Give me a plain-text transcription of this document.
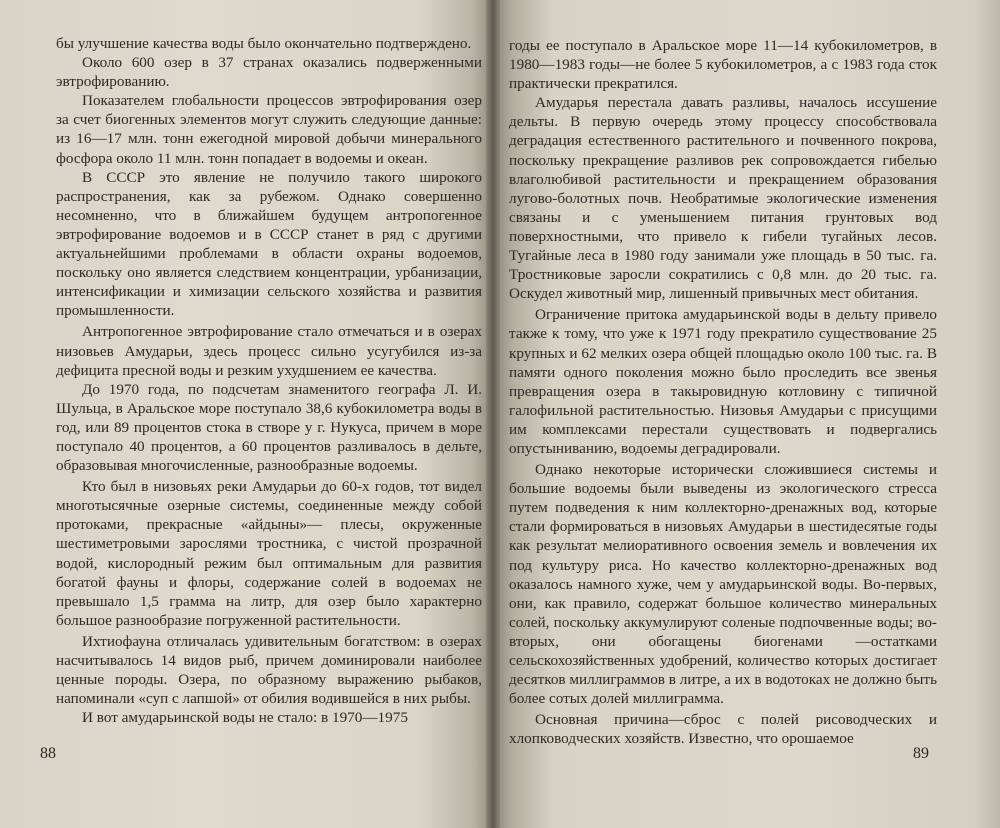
бы улучшение качества воды было окончательно подтверждено.

Около 600 озер в 37 странах оказались подверженными эвтрофированию.

Показателем глобальности процессов эвтрофирования озер за счет биогенных элементов могут служить следующие данные: из 16—17 млн. тонн ежегодной мировой добычи минерального фосфора около 11 млн. тонн попадает в водоемы и океан.

В СССР это явление не получило такого широкого распространения, как за рубежом. Однако совершенно несомненно, что в ближайшем будущем антропогенное эвтрофирование водоемов и в СССР станет в ряд с другими актуальнейшими проблемами в области охраны водоемов, поскольку оно является следствием концентрации, урбанизации, интенсификации и химизации сельского хозяйства и развития промышленности.

Антропогенное эвтрофирование стало отмечаться и в озерах низовьев Амударьи, здесь процесс сильно усугубился из-за дефицита пресной воды и резким ухудшением ее качества.

До 1970 года, по подсчетам знаменитого географа Л. И. Шульца, в Аральское море поступало 38,6 кубокилометра воды в год, или 89 процентов стока в створе у г. Нукуса, причем в море поступало 40 процентов, а 60 процентов разливалось в дельте, образовывая многочисленные, разнообразные водоемы.

Кто был в низовьях реки Амударьи до 60-х годов, тот видел многотысячные озерные системы, соединенные между собой протоками, прекрасные «айдыны»— плесы, окруженные шестиметровыми зарослями тростника, с чистой прозрачной водой, кислородный режим был оптимальным для развития богатой фауны и флоры, содержание солей в водоемах не превышало 1,5 грамма на литр, для озер было характерно большое разнообразие погруженной растительности.

Ихтиофауна отличалась удивительным богатством: в озерах насчитывалось 14 видов рыб, причем доминировали наиболее ценные породы. Озера, по образному выражению рыбаков, напоминали «суп с лапшой» от обилия водившейся в них рыбы.

И вот амударьинской воды не стало: в 1970—1975

88

годы ее поступало в Аральское море 11—14 кубокилометров, в 1980—1983 годы—не более 5 кубокилометров, а с 1983 года сток практически прекратился.

Амударья перестала давать разливы, началось иссушение дельты. В первую очередь этому процессу способствовала деградация естественного растительного и почвенного покрова, поскольку прекращение разливов рек сопровождается гибелью влаголюбивой растительности и прекращением образования лугово-болотных почв. Необратимые экологические изменения связаны и с уменьшением питания грунтовых вод поверхностными, что привело к гибели тугайных лесов. Тугайные леса в 1980 году занимали уже площадь в 50 тыс. га. Тростниковые заросли сократились с 0,8 млн. до 20 тыс. га. Оскудел животный мир, лишенный привычных мест обитания.

Ограничение притока амударьинской воды в дельту привело также к тому, что уже к 1971 году прекратило существование 25 крупных и 62 мелких озера общей площадью около 100 тыс. га. В памяти одного поколения можно было проследить все звенья превращения озера в такыровидную котловину с типичной галофильной растительностью. Низовья Амударьи с присущими им комплексами перестали существовать и подвергались опустыниванию, водоемы деградировали.

Однако некоторые исторически сложившиеся системы и большие водоемы были выведены из экологического стресса путем подведения к ним коллекторно-дренажных вод, которые стали формироваться в низовьях Амударьи в шестидесятые годы как результат мелиоративного освоения земель и вовлечения их под культуру риса. Но качество коллекторно-дренажных вод оказалось намного хуже, чем у амударьинской воды. Во-первых, они, как правило, содержат большое количество минеральных солей, поскольку аккумулируют соленые подпочвенные воды; во-вторых, они обогащены биогенами —остатками сельскохозяйственных удобрений, количество которых достигает десятков миллиграммов в литре, а их в водотоках не должно быть более сотых долей миллиграмма.

Основная причина—сброс с полей рисоводческих и хлопководческих хозяйств. Известно, что орошаемое

89
